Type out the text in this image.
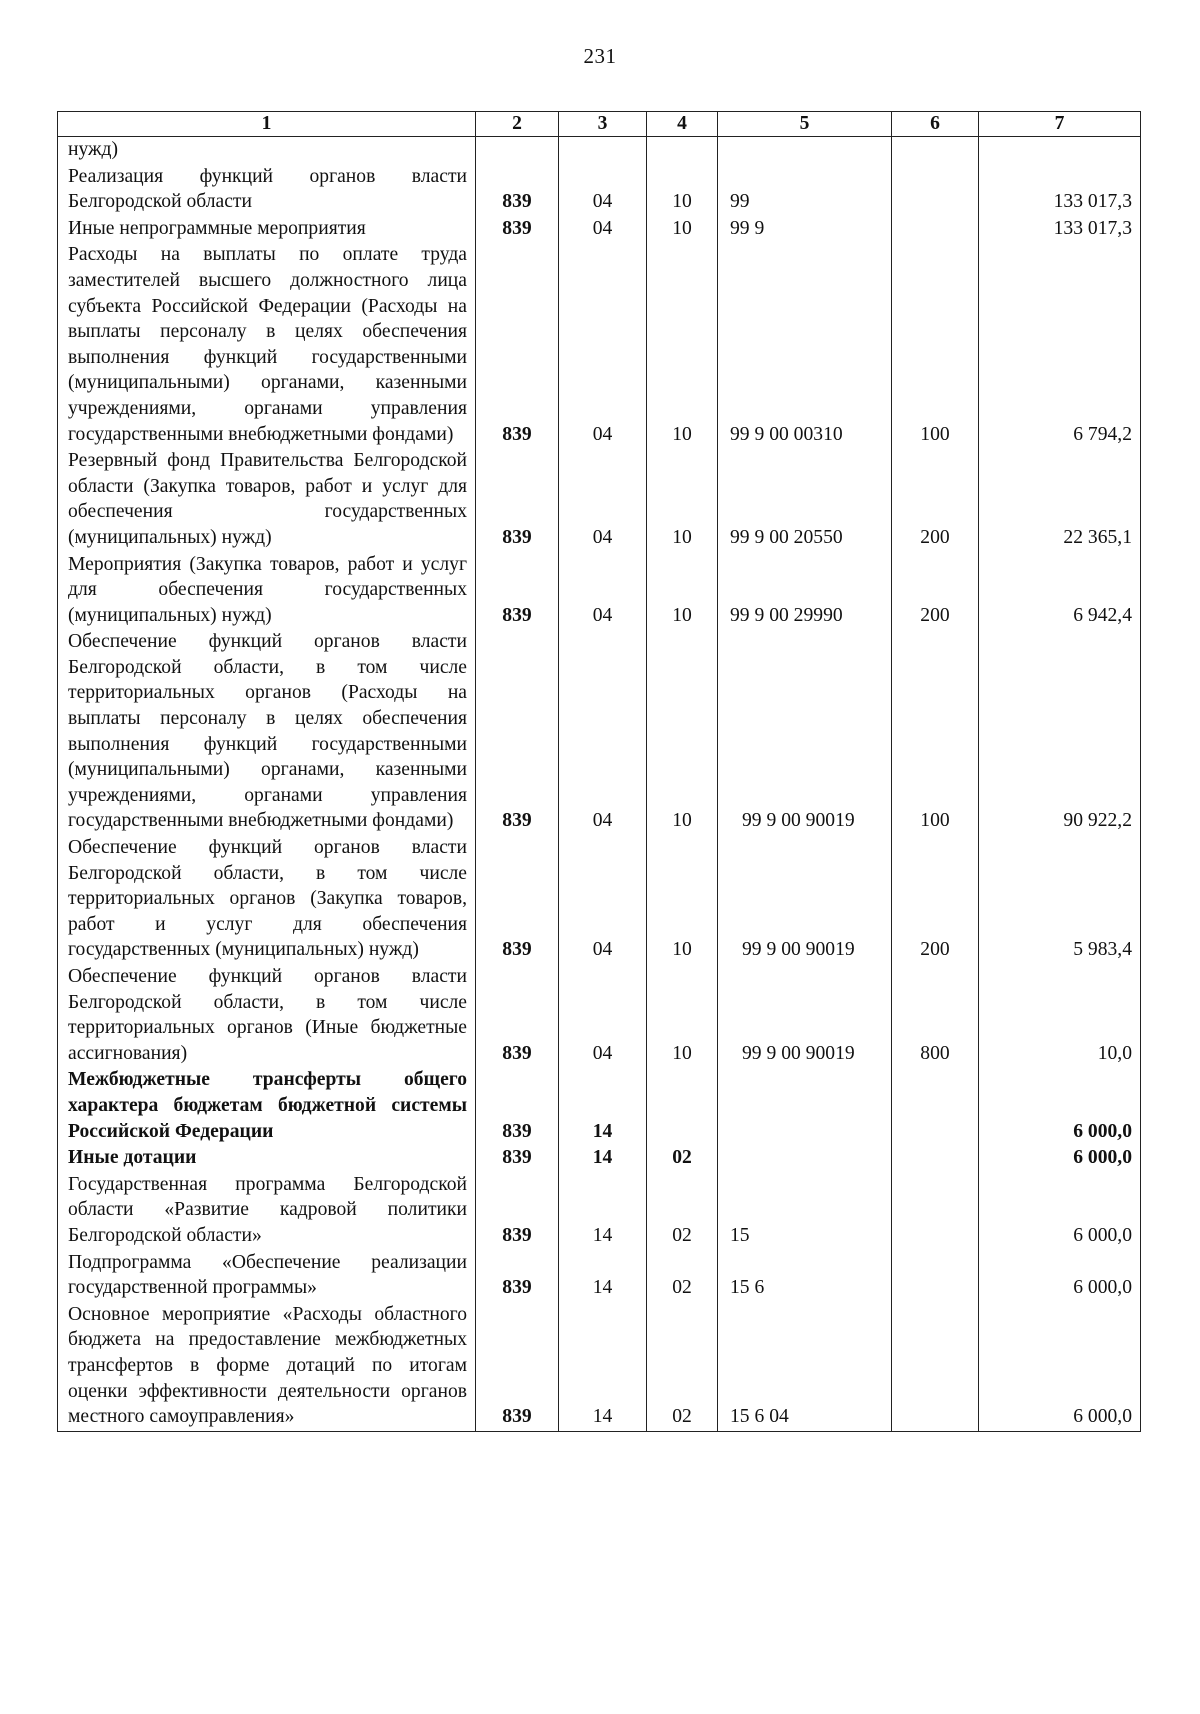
231
1	2	3	4	5	6	7
нужд)						
Реализация функций органов власти Белгородской области	839	04	10	99		133 017,3
Иные непрограммные мероприятия	839	04	10	99 9		133 017,3
Расходы на выплаты по оплате труда заместителей высшего должностного лица субъекта Российской Федерации (Расходы на выплаты персоналу в целях обеспечения выполнения функций государственными (муниципальными) органами, казенными учреждениями, органами управления государственными внебюджетными фондами)	839	04	10	99 9 00 00310	100	6 794,2
Резервный фонд Правительства Белгородской области (Закупка товаров, работ и услуг для обеспечения государственных (муниципальных) нужд)	839	04	10	99 9 00 20550	200	22 365,1
Мероприятия (Закупка товаров, работ и услуг для обеспечения государственных (муниципальных) нужд)	839	04	10	99 9 00 29990	200	6 942,4
Обеспечение функций органов власти Белгородской области, в том числе территориальных органов (Расходы на выплаты персоналу в целях обеспечения выполнения функций государственными (муниципальными) органами, казенными учреждениями, органами управления государственными внебюджетными фондами)	839	04	10	99 9 00 90019	100	90 922,2
Обеспечение функций органов власти Белгородской области, в том числе территориальных органов (Закупка товаров, работ и услуг для обеспечения государственных (муниципальных) нужд)	839	04	10	99 9 00 90019	200	5 983,4
Обеспечение функций органов власти Белгородской области, в том числе территориальных органов (Иные бюджетные ассигнования)	839	04	10	99 9 00 90019	800	10,0
Межбюджетные трансферты общего характера бюджетам бюджетной системы Российской Федерации	839	14				6 000,0
Иные дотации	839	14	02			6 000,0
Государственная программа Белгородской области «Развитие кадровой политики Белгородской области»	839	14	02	15		6 000,0
Подпрограмма «Обеспечение реализации государственной программы»	839	14	02	15 6		6 000,0
Основное мероприятие «Расходы областного бюджета на предоставление межбюджетных трансфертов в форме дотаций по итогам оценки эффективности деятельности органов местного самоуправления»	839	14	02	15 6 04		6 000,0
